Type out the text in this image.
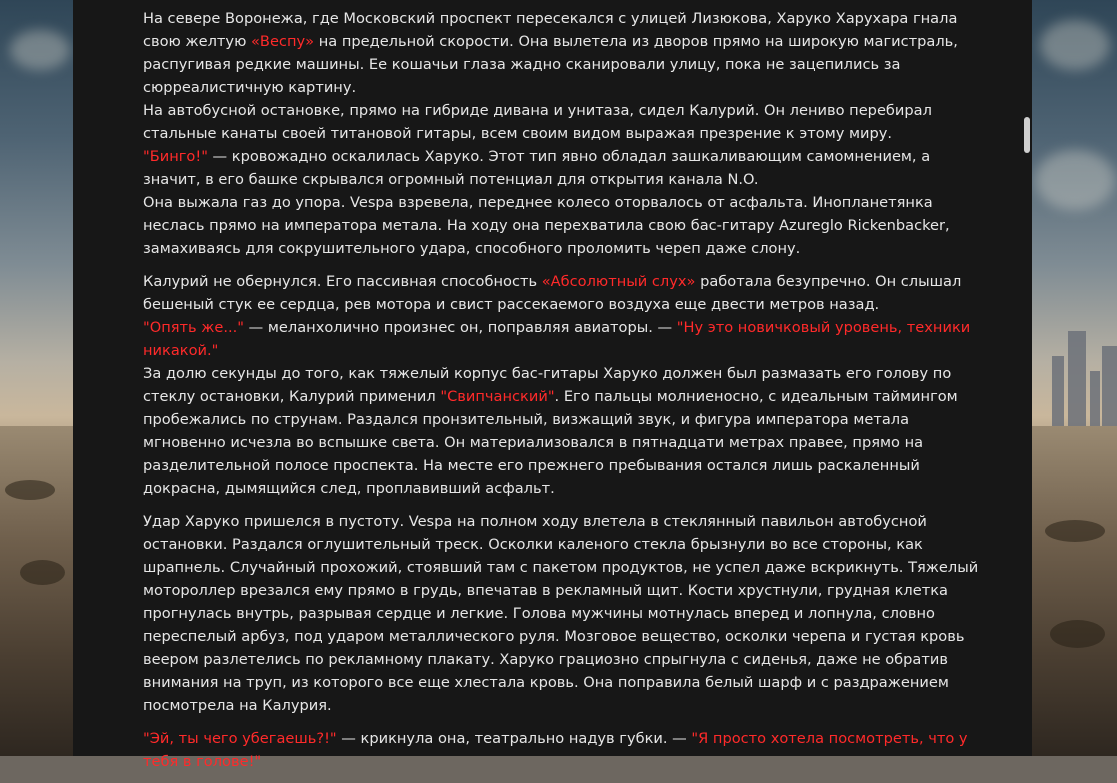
На севере Воронежа, где Московский проспект пересекался с улицей Лизюкова, Харуко Харухара гнала свою желтую «Веспу» на предельной скорости. Она вылетела из дворов прямо на широкую магистраль, распугивая редкие машины. Ее кошачьи глаза жадно сканировали улицу, пока не зацепились за сюрреалистичную картину.
На автобусной остановке, прямо на гибриде дивана и унитаза, сидел Калурий. Он лениво перебирал стальные канаты своей титановой гитары, всем своим видом выражая презрение к этому миру.
"Бинго!" — кровожадно оскалилась Харуко. Этот тип явно обладал зашкаливающим самомнением, а значит, в его башке скрывался огромный потенциал для открытия канала N.O.
Она выжала газ до упора. Vespa взревела, переднее колесо оторвалось от асфальта. Инопланетянка неслась прямо на императора метала. На ходу она перехватила свою бас-гитару Azureglo Rickenbacker, замахиваясь для сокрушительного удара, способного проломить череп даже слону.

Калурий не обернулся. Его пассивная способность «Абсолютный слух» работала безупречно. Он слышал бешеный стук ее сердца, рев мотора и свист рассекаемого воздуха еще двести метров назад.
"Опять же..." — меланхолично произнес он, поправляя авиаторы. — "Ну это новичковый уровень, техники никакой."
За долю секунды до того, как тяжелый корпус бас-гитары Харуко должен был размазать его голову по стеклу остановки, Калурий применил "Свипчанский". Его пальцы молниеносно, с идеальным таймингом пробежались по струнам. Раздался пронзительный, визжащий звук, и фигура императора метала мгновенно исчезла во вспышке света. Он материализовался в пятнадцати метрах правее, прямо на разделительной полосе проспекта. На месте его прежнего пребывания остался лишь раскаленный докрасна, дымящийся след, проплавивший асфальт.

Удар Харуко пришелся в пустоту. Vespa на полном ходу влетела в стеклянный павильон автобусной остановки. Раздался оглушительный треск. Осколки каленого стекла брызнули во все стороны, как шрапнель. Случайный прохожий, стоявший там с пакетом продуктов, не успел даже вскрикнуть. Тяжелый мотороллер врезался ему прямо в грудь, впечатав в рекламный щит. Кости хрустнули, грудная клетка прогнулась внутрь, разрывая сердце и легкие. Голова мужчины мотнулась вперед и лопнула, словно переспелый арбуз, под ударом металлического руля. Мозговое вещество, осколки черепа и густая кровь веером разлетелись по рекламному плакату. Харуко грациозно спрыгнула с сиденья, даже не обратив внимания на труп, из которого все еще хлестала кровь. Она поправила белый шарф и с раздражением посмотрела на Калурия.

"Эй, ты чего убегаешь?!" — крикнула она, театрально надув губки. — "Я просто хотела посмотреть, что у тебя в голове!"
